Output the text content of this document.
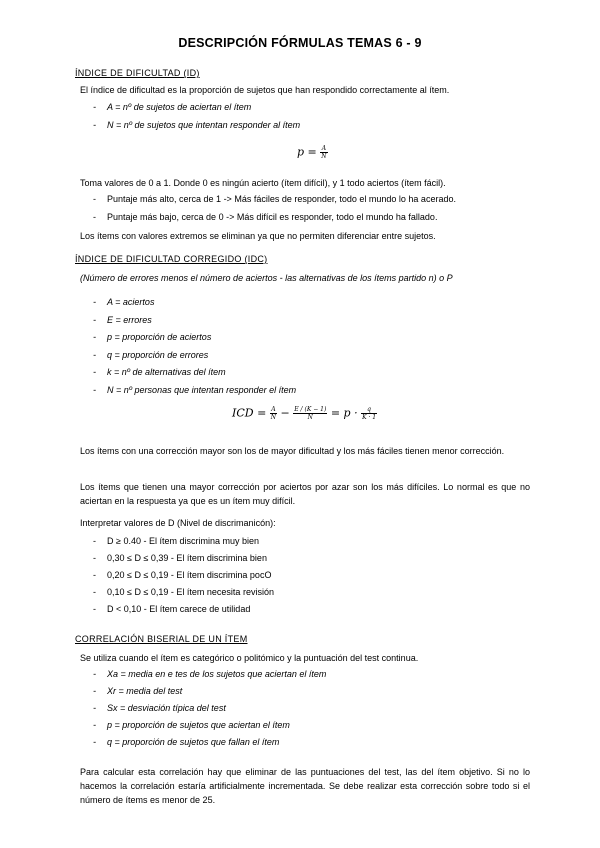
DESCRIPCIÓN FÓRMULAS TEMAS 6 - 9
ÍNDICE DE DIFICULTAD (ID)
El índice de dificultad es la proporción de sujetos que han respondido correctamente al ítem.
- A = nº de sujetos de aciertan el ítem
- N = nº de sujetos que intentan responder al ítem
$p = \frac{A}{N}$
Toma valores de 0 a 1. Donde 0 es ningún acierto (ítem difícil), y 1 todo aciertos (ítem fácil).
- Puntaje más alto, cerca de 1 -> Más fáciles de responder, todo el mundo lo ha acerado.
- Puntaje más bajo, cerca de 0 -> Más difícil es responder, todo el mundo ha fallado.
Los ítems con valores extremos se eliminan ya que no permiten diferenciar entre sujetos.
ÍNDICE DE DIFICULTAD CORREGIDO (IDC)
(Número de errores menos el número de aciertos - las alternativas de los ítems partido n) o P
- A = aciertos
- E = errores
- p = proporción de aciertos
- q = proporción de errores
- k = nº de alternativas del ítem
- N = nº personas que intentan responder el ítem
ICD = $\frac{A}{N} - \frac{E / (K - 1)}{N} = p \cdot \frac{q}{K \cdot 1}$
Los ítems con una corrección mayor son los de mayor dificultad y los más fáciles tienen menor corrección.
Los ítems que tienen una mayor corrección por aciertos por azar son los más difíciles. Lo normal es que no aciertan en la respuesta ya que es un ítem muy difícil.
Interpretar valores de D (Nivel de discrimanicón):
- D ≥ 0.40 - El ítem discrimina muy bien
- 0,30 ≤ D ≤ 0,39 - El ítem discrimina bien
- 0,20 ≤ D ≤ 0,19 - El ítem discrimina pocO
- 0,10 ≤ D ≤ 0,19 - El ítem necesita revisión
- D < 0,10 - El ítem carece de utilidad
CORRELACIÓN BISERIAL DE UN ÍTEM
Se utiliza cuando el ítem es categórico o politómico y la puntuación del test continua.
- Xa = media en e tes de los sujetos que aciertan el ítem
- Xr = media del test
- Sx = desviación típica del test
- p = proporción de sujetos que aciertan el ítem
- q = proporción de sujetos que fallan el ítem
Para calcular esta correlación hay que eliminar de las puntuaciones del test, las del ítem objetivo. Si no lo hacemos la correlación estaría artificialmente incrementada. Se debe realizar esta corrección sobre todo si el número de ítems es menor de 25.
